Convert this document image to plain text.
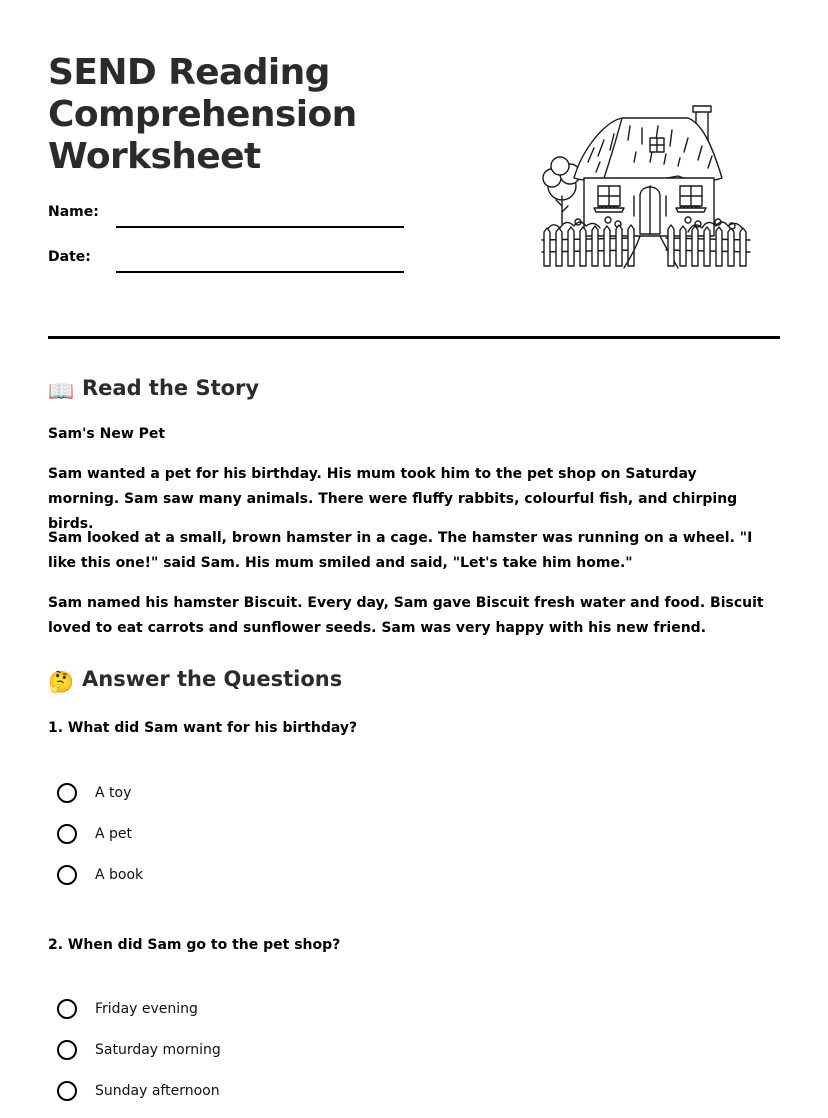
SEND Reading Comprehension Worksheet
Name:
Date:
📖 Read the Story

Sam's New Pet

Sam wanted a pet for his birthday. His mum took him to the pet shop on Saturday morning. Sam saw many animals. There were fluffy rabbits, colourful fish, and chirping birds.

Sam looked at a small, brown hamster in a cage. The hamster was running on a wheel. "I like this one!" said Sam. His mum smiled and said, "Let's take him home."

Sam named his hamster Biscuit. Every day, Sam gave Biscuit fresh water and food. Biscuit loved to eat carrots and sunflower seeds. Sam was very happy with his new friend.

🤔 Answer the Questions

1. What did Sam want for his birthday?

A toy
A pet
A book

2. When did Sam go to the pet shop?

Friday evening
Saturday morning
Sunday afternoon
